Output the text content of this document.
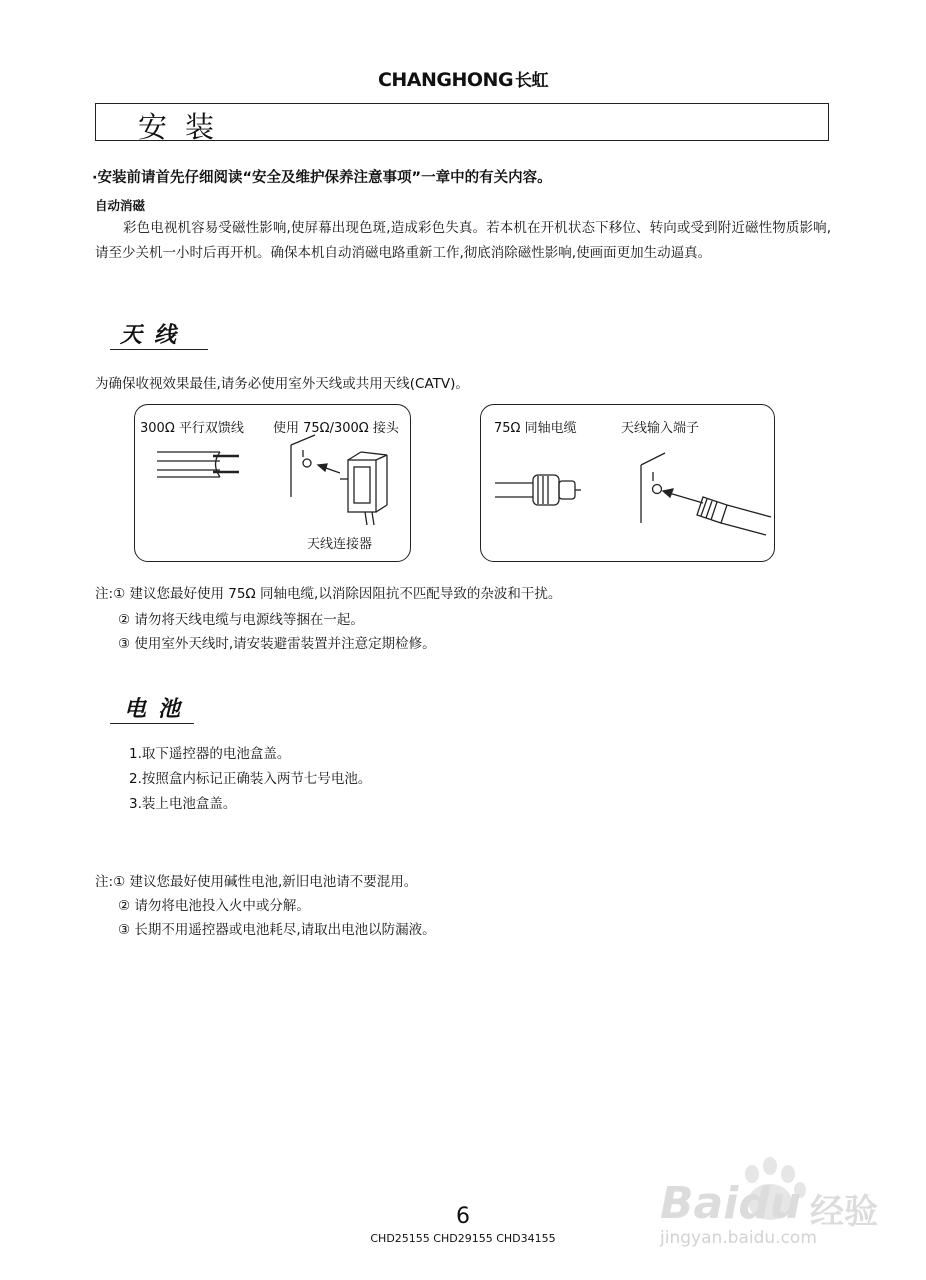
CHANGHONG 长虹
安装
·安装前请首先仔细阅读“安全及维护保养注意事项”一章中的有关内容。
自动消磁
彩色电视机容易受磁性影响,使屏幕出现色斑,造成彩色失真。若本机在开机状态下移位、转向或受到附近磁性物质影响,请至少关机一小时后再开机。确保本机自动消磁电路重新工作,彻底消除磁性影响,使画面更加生动逼真。
天线
为确保收视效果最佳,请务必使用室外天线或共用天线(CATV)。
300Ω 平行双馈线 使用 75Ω/300Ω 接头
天线连接器
75Ω 同轴电缆	天线输入端子
注:① 建议您最好使用 75Ω 同轴电缆,以消除因阻抗不匹配导致的杂波和干扰。
② 请勿将天线电缆与电源线等捆在一起。
③ 使用室外天线时,请安装避雷装置并注意定期检修。
电池
1.取下遥控器的电池盒盖。
2.按照盒内标记正确装入两节七号电池。
3.装上电池盒盖。
注:① 建议您最好使用碱性电池,新旧电池请不要混用。
② 请勿将电池投入火中或分解。
③ 长期不用遥控器或电池耗尽,请取出电池以防漏液。
Baidu 经验
jingyan.baidu.com
6
CHD25155 CHD29155 CHD34155
